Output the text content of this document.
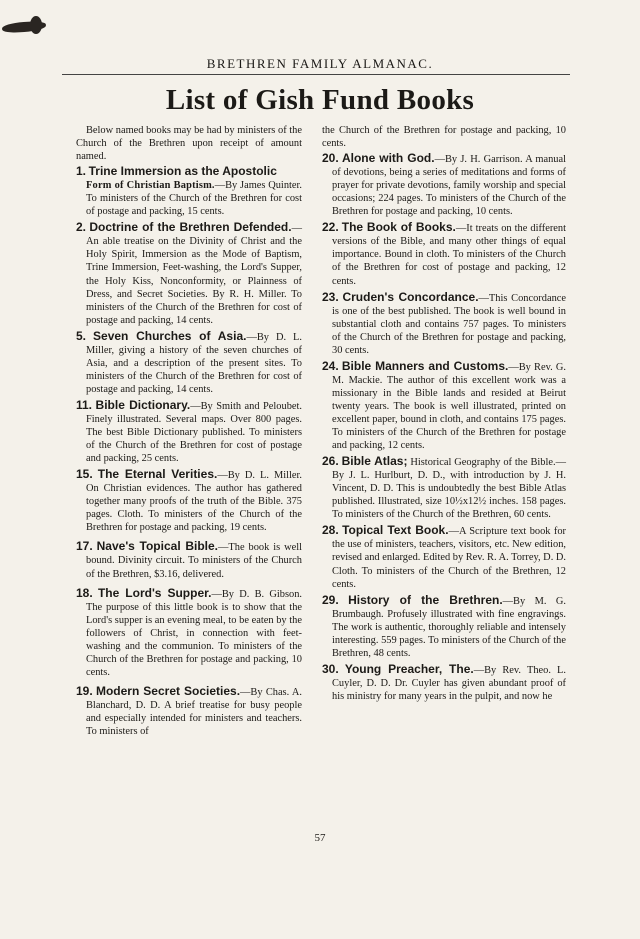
BRETHREN FAMILY ALMANAC.
List of Gish Fund Books

Below named books may be had by ministers of the Church of the Brethren upon receipt of amount named.

1. Trine Immersion as the Apostolic
Form of Christian Baptism.—By James Quinter. To ministers of the Church of the Brethren for cost of postage and packing, 15 cents.

2. Doctrine of the Brethren Defended.—An able treatise on the Divinity of Christ and the Holy Spirit, Immersion as the Mode of Baptism, Trine Immersion, Feet-washing, the Lord's Supper, the Holy Kiss, Nonconformity, or Plainness of Dress, and Secret Societies. By R. H. Miller. To ministers of the Church of the Brethren for cost of postage and packing, 14 cents.

5. Seven Churches of Asia.—By D. L. Miller, giving a history of the seven churches of Asia, and a description of the present sites. To ministers of the Church of the Brethren for cost of postage and packing, 14 cents.

11. Bible Dictionary.—By Smith and Peloubet. Finely illustrated. Several maps. Over 800 pages. The best Bible Dictionary published. To ministers of the Church of the Brethren for cost of postage and packing, 25 cents.

15. The Eternal Verities.—By D. L. Miller. On Christian evidences. The author has gathered together many proofs of the truth of the Bible. 375 pages. Cloth. To ministers of the Church of the Brethren for postage and packing, 19 cents.

17. Nave's Topical Bible.—The book is well bound. Divinity circuit. To ministers of the Church of the Brethren, $3.16, delivered.

18. The Lord's Supper.—By D. B. Gibson. The purpose of this little book is to show that the Lord's supper is an evening meal, to be eaten by the followers of Christ, in connection with feet-washing and the communion. To ministers of the Church of the Brethren for postage and packing, 10 cents.

19. Modern Secret Societies.—By Chas. A. Blanchard, D. D. A brief treatise for busy people and especially intended for ministers and teachers. To ministers of

the Church of the Brethren for postage and packing, 10 cents.

20. Alone with God.—By J. H. Garrison. A manual of devotions, being a series of meditations and forms of prayer for private devotions, family worship and special occasions; 224 pages. To ministers of the Church of the Brethren for postage and packing, 10 cents.

22. The Book of Books.—It treats on the different versions of the Bible, and many other things of equal importance. Bound in cloth. To ministers of the Church of the Brethren for cost of postage and packing, 12 cents.

23. Cruden's Concordance.—This Concordance is one of the best published. The book is well bound in substantial cloth and contains 757 pages. To ministers of the Church of the Brethren for postage and packing, 30 cents.

24. Bible Manners and Customs.—By Rev. G. M. Mackie. The author of this excellent work was a missionary in the Bible lands and resided at Beirut twenty years. The book is well illustrated, printed on excellent paper, bound in cloth, and contains 175 pages. To ministers of the Church of the Brethren for postage and packing, 12 cents.

26. Bible Atlas; Historical Geography of the Bible.—By J. L. Hurlburt, D. D., with introduction by J. H. Vincent, D. D. This is undoubtedly the best Bible Atlas published. Illustrated, size 10½x12½ inches. 158 pages. To ministers of the Church of the Brethren, 60 cents.

28. Topical Text Book.—A Scripture text book for the use of ministers, teachers, visitors, etc. New edition, revised and enlarged. Edited by Rev. R. A. Torrey, D. D. Cloth. To ministers of the Church of the Brethren, 12 cents.

29. History of the Brethren.—By M. G. Brumbaugh. Profusely illustrated with fine engravings. The work is authentic, thoroughly reliable and intensely interesting. 559 pages. To ministers of the Church of the Brethren, 48 cents.

30. Young Preacher, The.—By Rev. Theo. L. Cuyler, D. D. Dr. Cuyler has given abundant proof of his ministry for many years in the pulpit, and now he

57
